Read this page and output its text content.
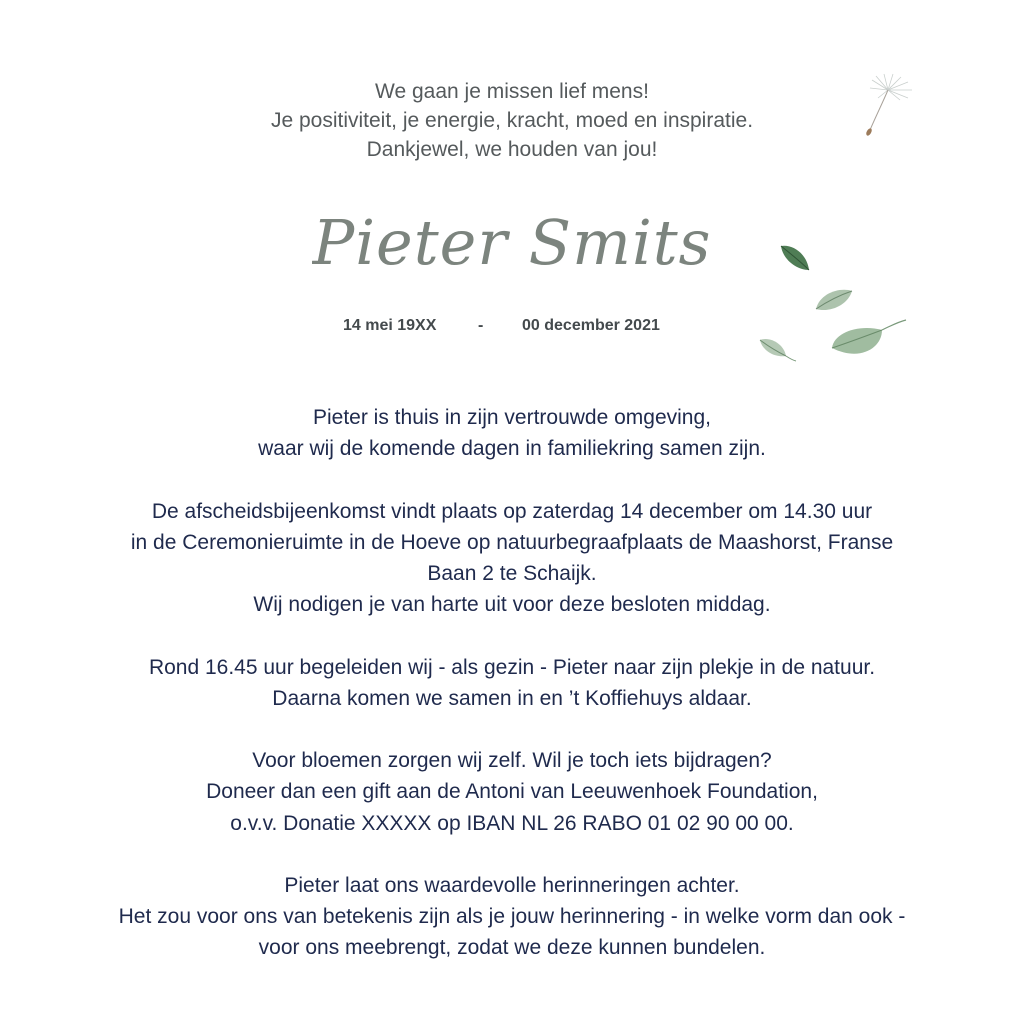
We gaan je missen lief mens!
Je positiviteit, je energie, kracht, moed en inspiratie.
Dankjewel, we houden van jou!
Pieter Smits
14 mei 19XX	- 00 december 2021
Pieter is thuis in zijn vertrouwde omgeving,
waar wij de komende dagen in familiekring samen zijn.
De afscheidsbijeenkomst vindt plaats op zaterdag 14 december om 14.30 uur
in de Ceremonieruimte in de Hoeve op natuurbegraafplaats de Maashorst, Franse
Baan 2 te Schaijk.
Wij nodigen je van harte uit voor deze besloten middag.
Rond 16.45 uur begeleiden wij - als gezin - Pieter naar zijn plekje in de natuur.
Daarna komen we samen in en ’t Koffiehuys aldaar.
Voor bloemen zorgen wij zelf. Wil je toch iets bijdragen?
Doneer dan een gift aan de Antoni van Leeuwenhoek Foundation,
o.v.v. Donatie XXXXX op IBAN NL 26 RABO 01 02 90 00 00.
Pieter laat ons waardevolle herinneringen achter.
Het zou voor ons van betekenis zijn als je jouw herinnering - in welke vorm dan ook -
voor ons meebrengt, zodat we deze kunnen bundelen.
